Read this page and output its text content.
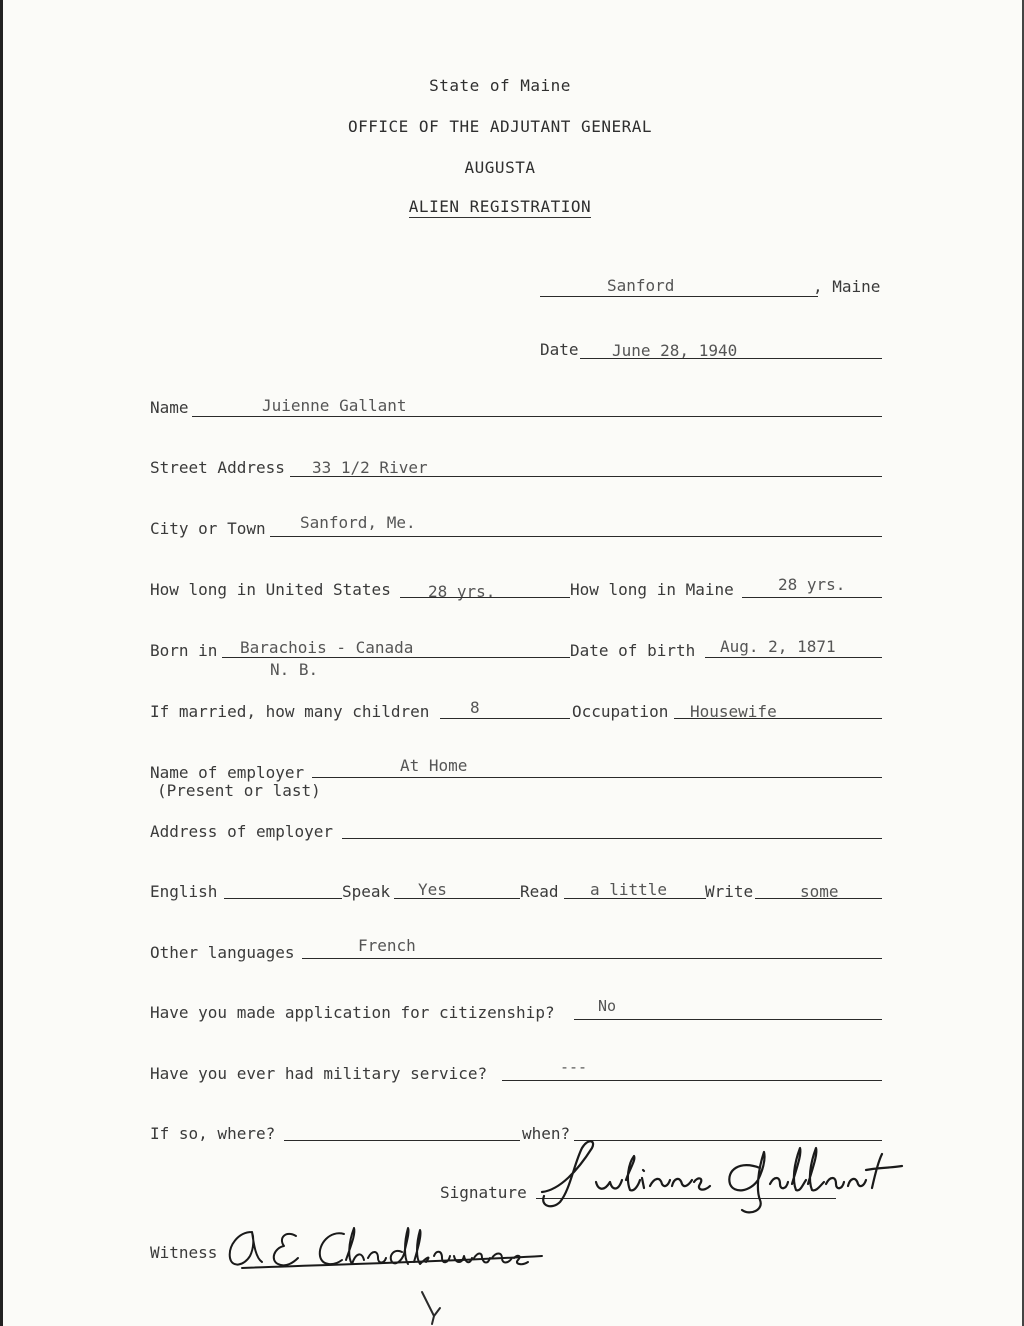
State of Maine
OFFICE OF THE ADJUTANT GENERAL
AUGUSTA
ALIEN REGISTRATION
Sanford	, Maine
Date June 28, 1940
Name	Juienne Gallant
Street Address 33 1/2 River
City or Town Sanford, Me.
How long in United States 28 yrs.	How long in Maine	28 yrs.
Born in Barachois - Canada
N. B.
Date of birth Aug. 2, 1871
If married, how many children	8	Occupation Housewife
Name of employer	At Home
(Present or last)
Address of employer
English	Speak Yes	Read a little Write	some
Other languages	French
Have you made application for citizenship?	No
Have you ever had military service?	---
If so, where?	when?
Signature
Witness
